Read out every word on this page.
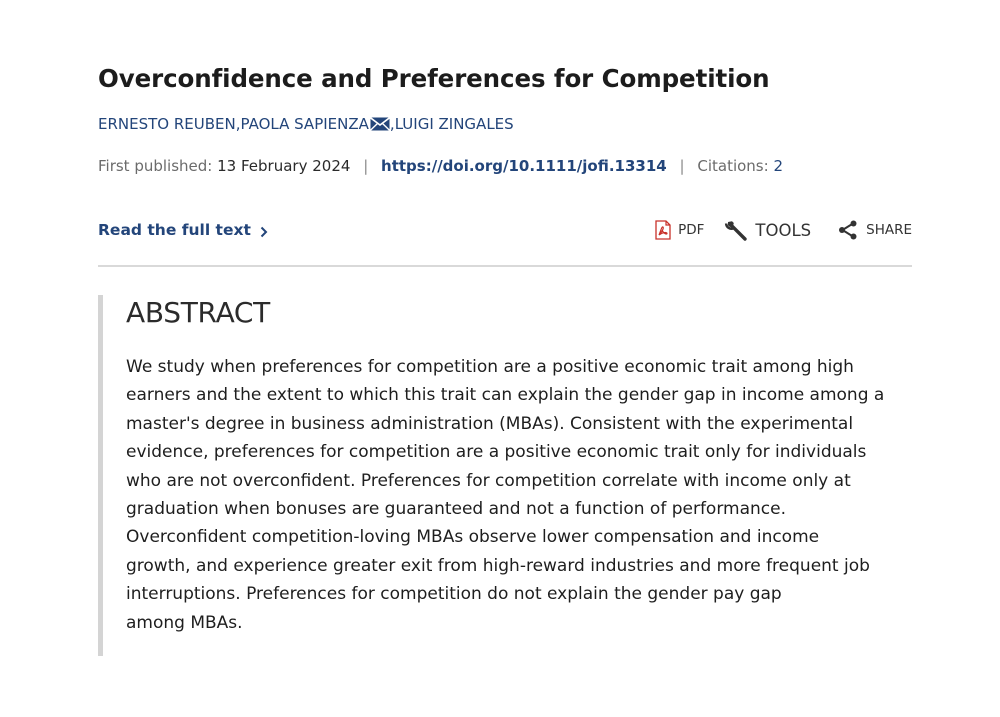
Overconfidence and Preferences for Competition
ERNESTO REUBEN , PAOLA SAPIENZA , LUIGI ZINGALES
First published: 13 February 2024 | https://doi.org/10.1111/jofi.13314 | Citations: 2
Read the full text	PDF	TOOLS	SHARE
ABSTRACT

We study when preferences for competition are a positive economic trait among high
earners and the extent to which this trait can explain the gender gap in income among a
master's degree in business administration (MBAs). Consistent with the experimental
evidence, preferences for competition are a positive economic trait only for individuals
who are not overconfident. Preferences for competition correlate with income only at
graduation when bonuses are guaranteed and not a function of performance.
Overconfident competition-loving MBAs observe lower compensation and income
growth, and experience greater exit from high-reward industries and more frequent job
interruptions. Preferences for competition do not explain the gender pay gap
among MBAs.
